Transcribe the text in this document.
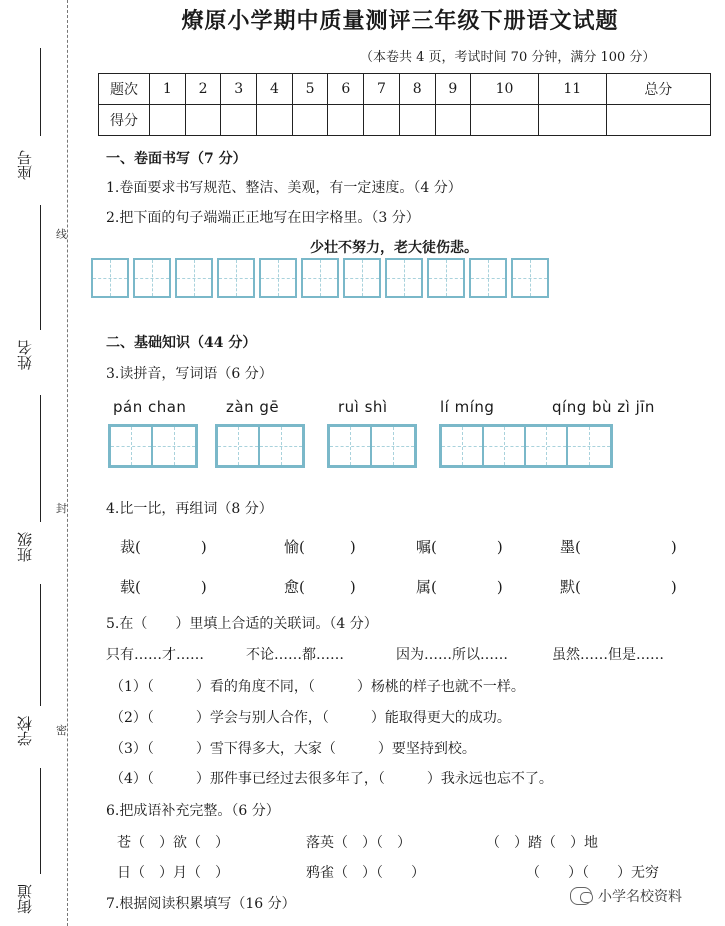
座号
姓名
班级
学校
街道
线
封
密
燎原小学期中质量测评三年级下册语文试题
（本卷共 4 页，考试时间 70 分钟，满分 100 分）
题次	1	2	3	4	5	6	7	8	9	10	11	总分
得分												
一、卷面书写（7 分）
1.卷面要求书写规范、整洁、美观，有一定速度。（4 分）
2.把下面的句子端端正正地写在田字格里。（3 分）
少壮不努力，老大徒伤悲。
二、基础知识（44 分）
3.读拼音，写词语（6 分）
pán chan	zàn gē	ruì shì	lí míng	qíng bù zì jīn
4.比一比，再组词（8 分）
裁(　　　　)	愉(　　　)	嘱(　　　　)	墨(　　　　　　)
载(　　　　)	愈(　　　)	属(　　　　)	默(　　　　　　)
5.在（　　）里填上合适的关联词。（4 分）
只有……才……	不论……都……	因为……所以……	虽然……但是……
（1）（　　　）看的角度不同，（　　　）杨桃的样子也就不一样。
（2）（　　　）学会与别人合作，（　　　）能取得更大的成功。
（3）（　　　）雪下得多大，大家（　　　）要坚持到校。
（4）（　　　）那件事已经过去很多年了，（　　　）我永远也忘不了。
6.把成语补充完整。（6 分）
苍（　）欲（　）	落英（　）（　）	（　）踏（　）地
日（　）月（　）	鸦雀（　）（　　）	（　　）（　　）无穷
7.根据阅读积累填写（16 分）	小学名校资料
